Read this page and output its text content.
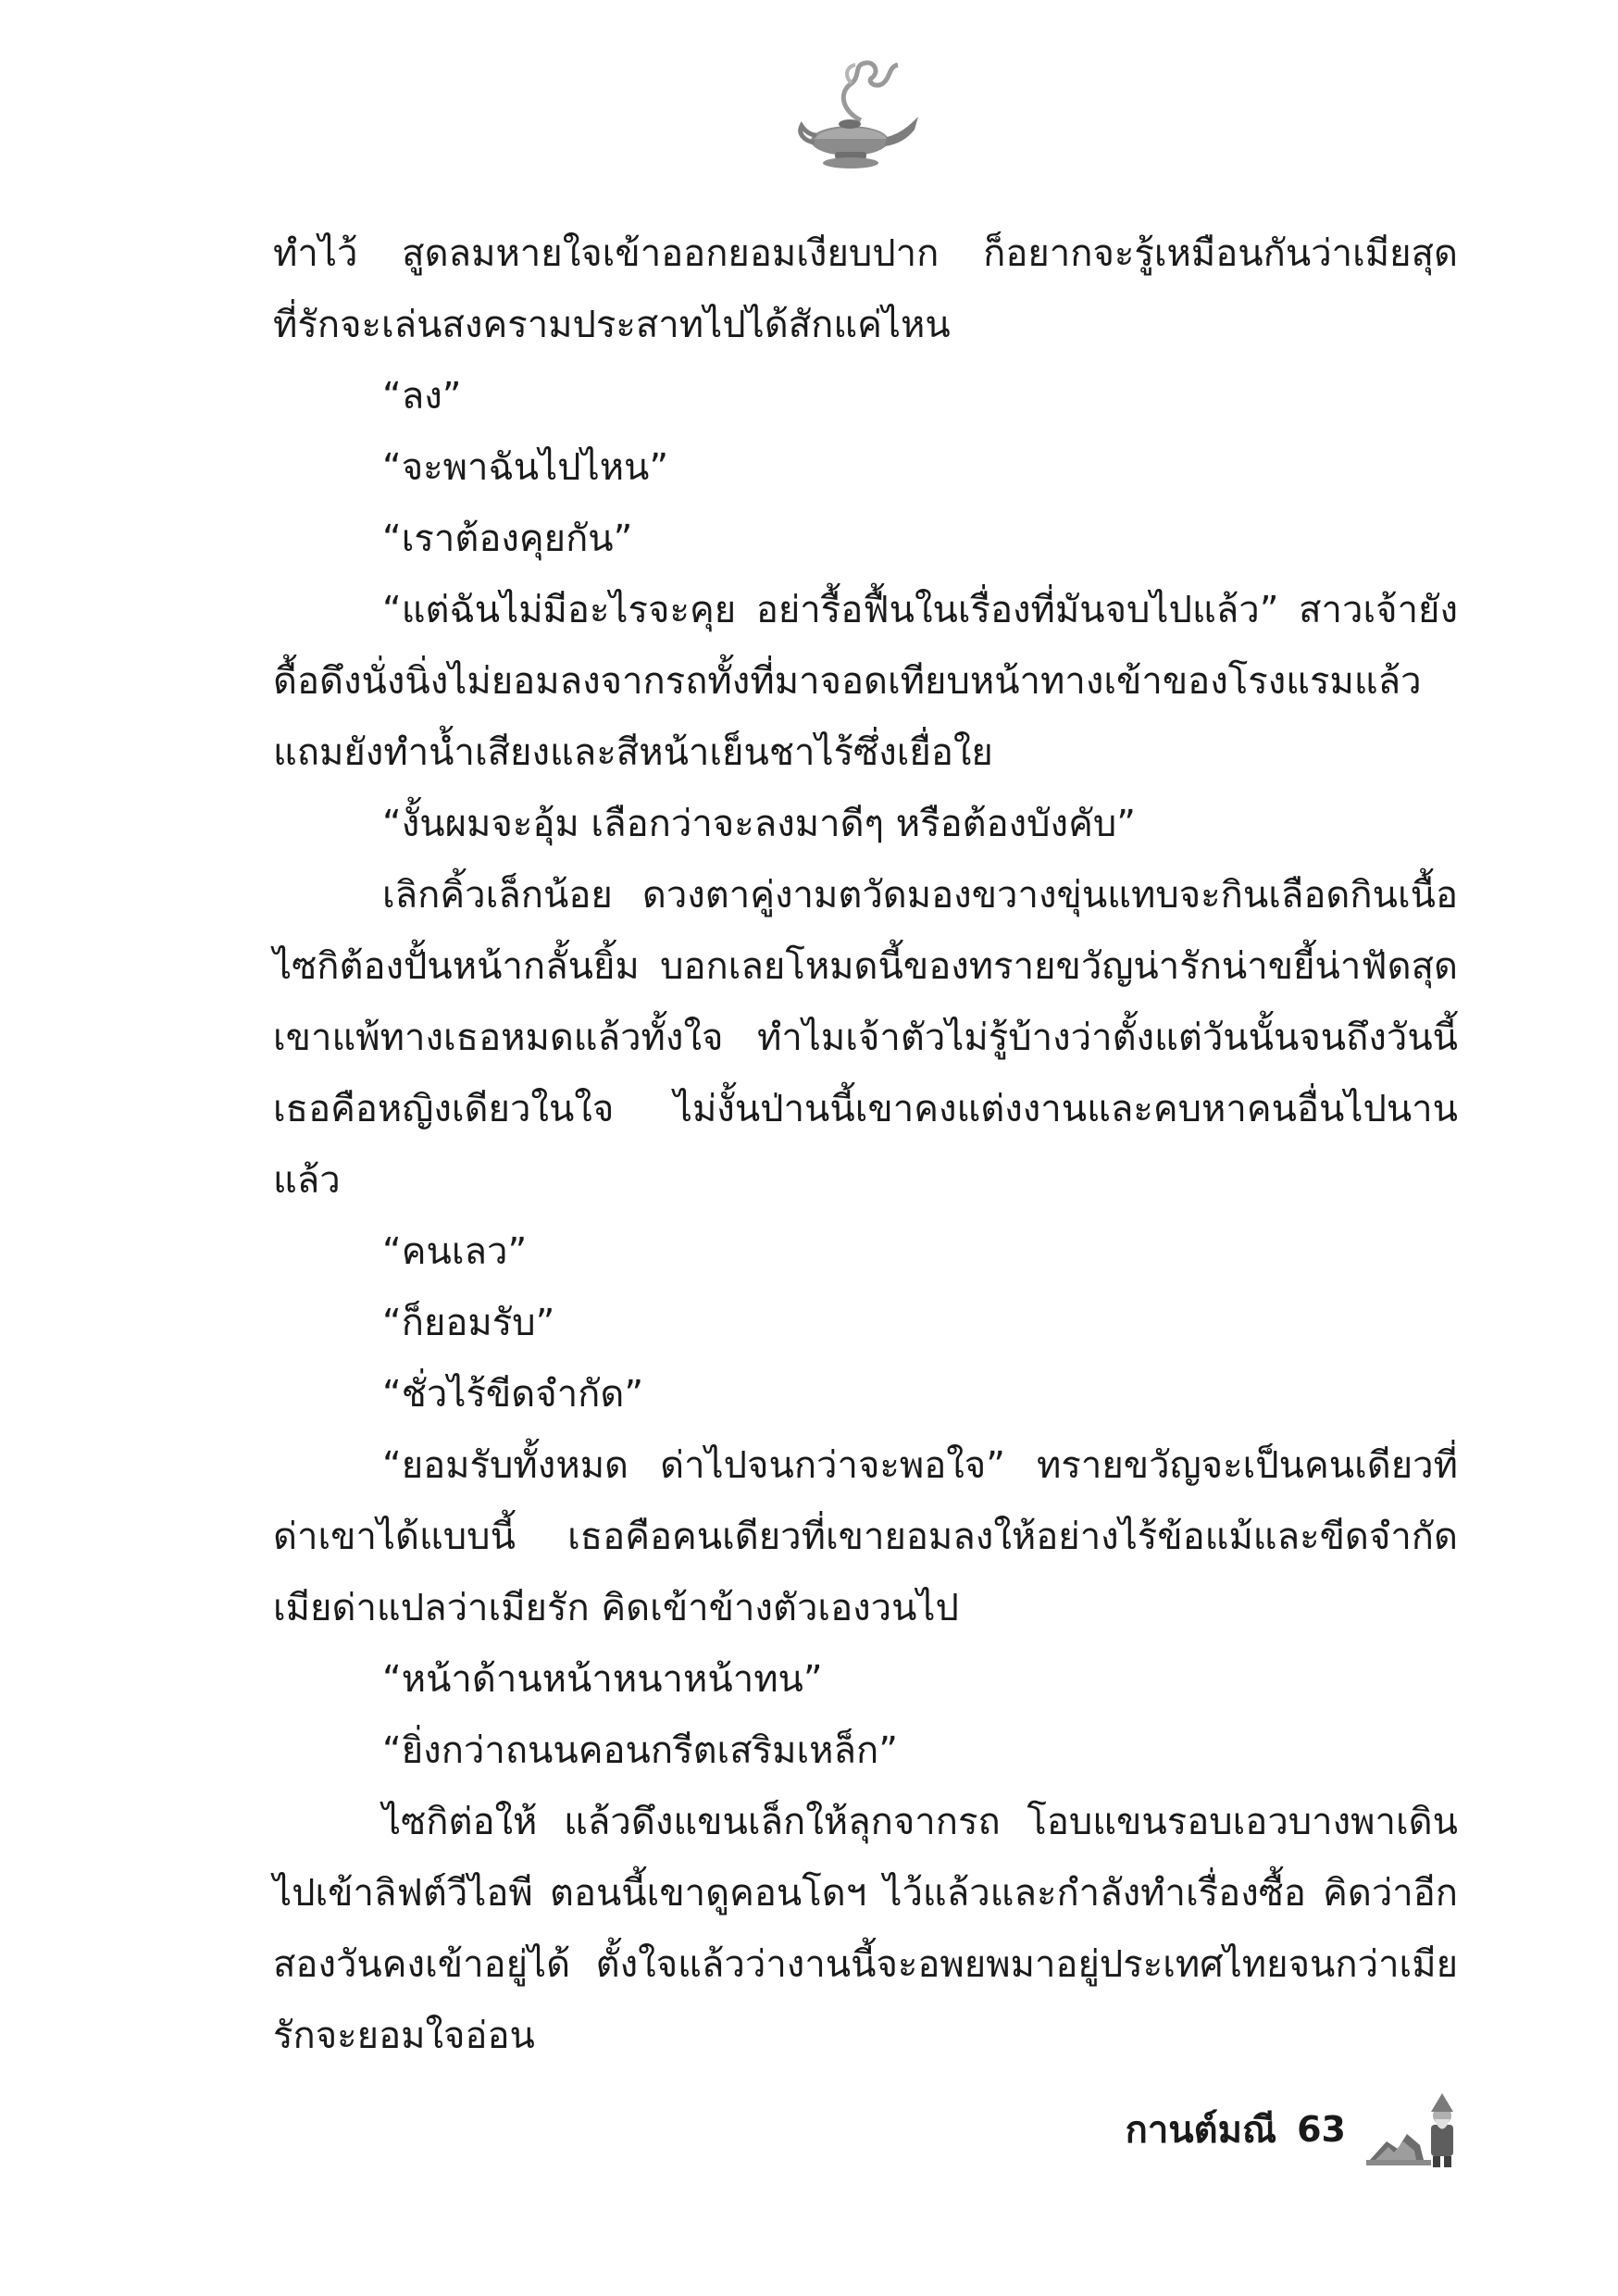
ทำไว้ สูดลมหายใจเข้าออกยอมเงียบปาก ก็อยากจะรู้เหมือนกันว่าเมียสุดที่รักจะเล่นสงครามประสาทไปได้สักแค่ไหน

“ลง”

“จะพาฉันไปไหน”

“เราต้องคุยกัน”

“แต่ฉันไม่มีอะไรจะคุย อย่ารื้อฟื้นในเรื่องที่มันจบไปแล้ว” สาวเจ้ายังดื้อดึงนั่งนิ่งไม่ยอมลงจากรถทั้งที่มาจอดเทียบหน้าทางเข้าของโรงแรมแล้ว แถมยังทำน้ำเสียงและสีหน้าเย็นชาไร้ซึ่งเยื่อใย

“งั้นผมจะอุ้ม เลือกว่าจะลงมาดีๆ หรือต้องบังคับ”

เลิกคิ้วเล็กน้อย ดวงตาคู่งามตวัดมองขวางขุ่นแทบจะกินเลือดกินเนื้อ ไซกิต้องปั้นหน้ากลั้นยิ้ม บอกเลยโหมดนี้ของทรายขวัญน่ารักน่าขยี้น่าฟัดสุด เขาแพ้ทางเธอหมดแล้วทั้งใจ ทำไมเจ้าตัวไม่รู้บ้างว่าตั้งแต่วันนั้นจนถึงวันนี้ เธอคือหญิงเดียวในใจ ไม่งั้นป่านนี้เขาคงแต่งงานและคบหาคนอื่นไปนานแล้ว

“คนเลว”

“ก็ยอมรับ”

“ชั่วไร้ขีดจำกัด”

“ยอมรับทั้งหมด ด่าไปจนกว่าจะพอใจ” ทรายขวัญจะเป็นคนเดียวที่ด่าเขาได้แบบนี้ เธอคือคนเดียวที่เขายอมลงให้อย่างไร้ข้อแม้และขีดจำกัด เมียด่าแปลว่าเมียรัก คิดเข้าข้างตัวเองวนไป

“หน้าด้านหน้าหนาหน้าทน”

“ยิ่งกว่าถนนคอนกรีตเสริมเหล็ก”

ไซกิต่อให้ แล้วดึงแขนเล็กให้ลุกจากรถ โอบแขนรอบเอวบางพาเดินไปเข้าลิฟต์วีไอพี ตอนนี้เขาดูคอนโดฯ ไว้แล้วและกำลังทำเรื่องซื้อ คิดว่าอีกสองวันคงเข้าอยู่ได้ ตั้งใจแล้วว่างานนี้จะอพยพมาอยู่ประเทศไทยจนกว่าเมียรักจะยอมใจอ่อน

กานต์มณี 63
